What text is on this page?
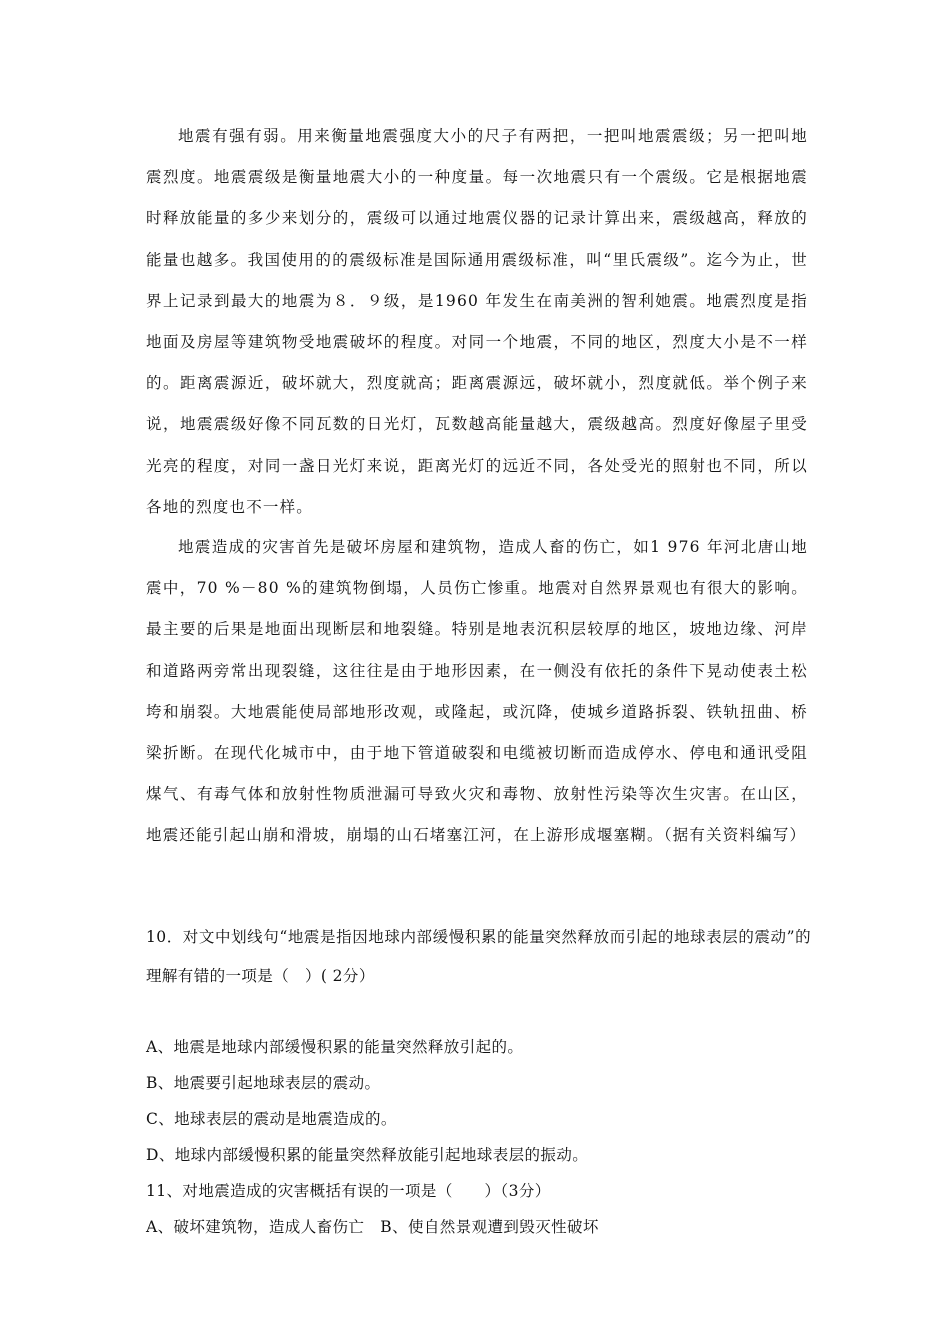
地震有强有弱。用来衡量地震强度大小的尺子有两把，一把叫地震震级；另一把叫地震烈度。地震震级是衡量地震大小的一种度量。每一次地震只有一个震级。它是根据地震时释放能量的多少来划分的，震级可以通过地震仪器的记录计算出来，震级越高，释放的能量也越多。我国使用的的震级标准是国际通用震级标准，叫“里氏震级”。迄今为止，世界上记录到最大的地震为８．９级，是1960 年发生在南美洲的智利她震。地震烈度是指地面及房屋等建筑物受地震破坏的程度。对同一个地震，不同的地区，烈度大小是不一样的。距离震源近，破坏就大，烈度就高；距离震源远，破坏就小，烈度就低。举个例子来说，地震震级好像不同瓦数的日光灯，瓦数越高能量越大，震级越高。烈度好像屋子里受光亮的程度，对同一盏日光灯来说，距离光灯的远近不同，各处受光的照射也不同，所以各地的烈度也不一样。

地震造成的灾害首先是破坏房屋和建筑物，造成人畜的伤亡，如1 976 年河北唐山地震中，70 %－80 %的建筑物倒塌，人员伤亡惨重。地震对自然界景观也有很大的影响。最主要的后果是地面出现断层和地裂缝。特别是地表沉积层较厚的地区，坡地边缘、河岸和道路两旁常出现裂缝，这往往是由于地形因素，在一侧没有依托的条件下晃动使表土松垮和崩裂。大地震能使局部地形改观，或隆起，或沉降，使城乡道路拆裂、铁轨扭曲、桥梁折断。在现代化城市中，由于地下管道破裂和电缆被切断而造成停水、停电和通讯受阻煤气、有毒气体和放射性物质泄漏可导致火灾和毒物、放射性污染等次生灾害。在山区，地震还能引起山崩和滑坡，崩塌的山石堵塞江河，在上游形成堰塞糊。（据有关资料编写）

10．对文中划线句“地震是指因地球内部缓慢积累的能量突然释放而引起的地球表层的震动”的理解有错的一项是（　）( 2分）

A、地震是地球内部缓慢积累的能量突然释放引起的。

B、地震要引起地球表层的震动。

C、地球表层的震动是地震造成的。

D、地球内部缓慢积累的能量突然释放能引起地球表层的振动。

11、对地震造成的灾害概括有误的一项是（　　）（3分）

A、破坏建筑物，造成人畜伤亡 B、使自然景观遭到毁灭性破坏
